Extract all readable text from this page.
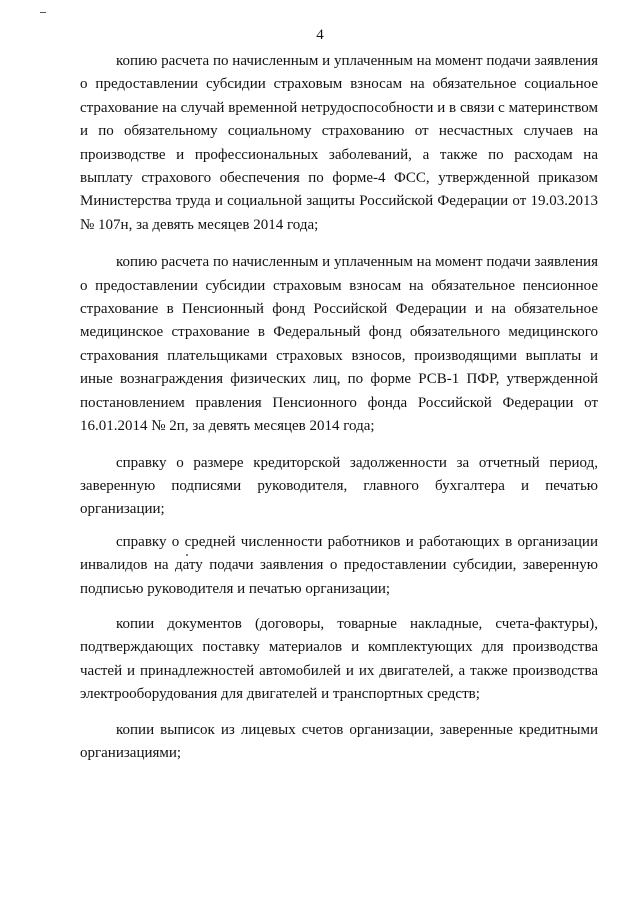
4

копию расчета по начисленным и уплаченным на момент подачи заявления о предоставлении субсидии страховым взносам на обязательное социальное страхование на случай временной нетрудоспособности и в связи с материнством и по обязательному социальному страхованию от несчастных случаев на производстве и профессиональных заболеваний, а также по расходам на выплату страхового обеспечения по форме-4 ФСС, утвержденной приказом Министерства труда и социальной защиты Российской Федерации от 19.03.2013 № 107н, за девять месяцев 2014 года;

копию расчета по начисленным и уплаченным на момент подачи заявления о предоставлении субсидии страховым взносам на обязательное пенсионное страхование в Пенсионный фонд Российской Федерации и на обязательное медицинское страхование в Федеральный фонд обязательного медицинского страхования плательщиками страховых взносов, производящими выплаты и иные вознаграждения физических лиц, по форме РСВ-1 ПФР, утвержденной постановлением правления Пенсионного фонда Российской Федерации от 16.01.2014 № 2п, за девять месяцев 2014 года;

справку о размере кредиторской задолженности за отчетный период, заверенную подписями руководителя, главного бухгалтера и печатью организации;

справку о средней численности работников и работающих в организации инвалидов на дату подачи заявления о предоставлении субсидии, заверенную подписью руководителя и печатью организации;

копии документов (договоры, товарные накладные, счета-фактуры), подтверждающих поставку материалов и комплектующих для производства частей и принадлежностей автомобилей и их двигателей, а также производства электрооборудования для двигателей и транспортных средств;

копии выписок из лицевых счетов организации, заверенные кредитными организациями;
